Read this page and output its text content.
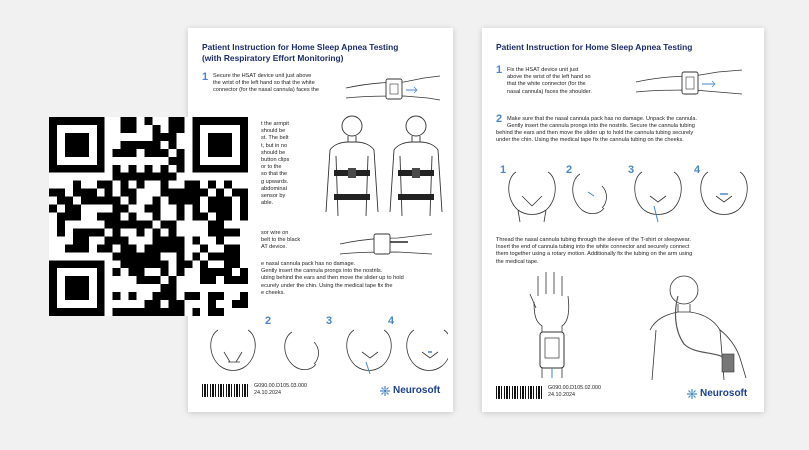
Patient Instruction for Home Sleep Apnea Testing
(with Respiratory Effort Monitoring)
1 Secure the HSAT device unit just above
the wrist of the left hand so that the white
connector (for the nasal cannula) faces the
t the armpit
should be
st. The belt
t, but in no
should be
button clips
or to the
so that the
g upwards.
abdominal
sensor by
able.
sor wire on
belt to the black
AT device.
e nasal cannula pack has no damage.
Gently insert the cannula prongs into the nostrils.
ubing behind the ears and then move the slider up to hold
ecurely under the chin. Using the medical tape fix the
e cheeks.
2	3	4
G090.00.D105.03.000
24.10.2024	Neurosoft
Patient Instruction for Home Sleep Apnea Testing
1 Fix the HSAT device unit just
above the wrist of the left hand so
that the white connector (for the
nasal cannula) faces the shoulder.
2 Make sure that the nasal cannula pack has no damage. Unpack the cannula.
Gently insert the cannula prongs into the nostrils. Secure the cannula tubing
behind the ears and then move the slider up to hold the cannula tubing securely
under the chin. Using the medical tape fix the cannula tubing on the cheeks.
1	2	3	4
Thread the nasal cannula tubing through the sleeve of the T-shirt or sleepwear.
Insert the end of cannula tubing into the white connector and securely connect
them together using a rotary motion. Additionally fix the tubing on the arm using
the medical tape.
G090.00.D105.02.000
24.10.2024	Neurosoft
